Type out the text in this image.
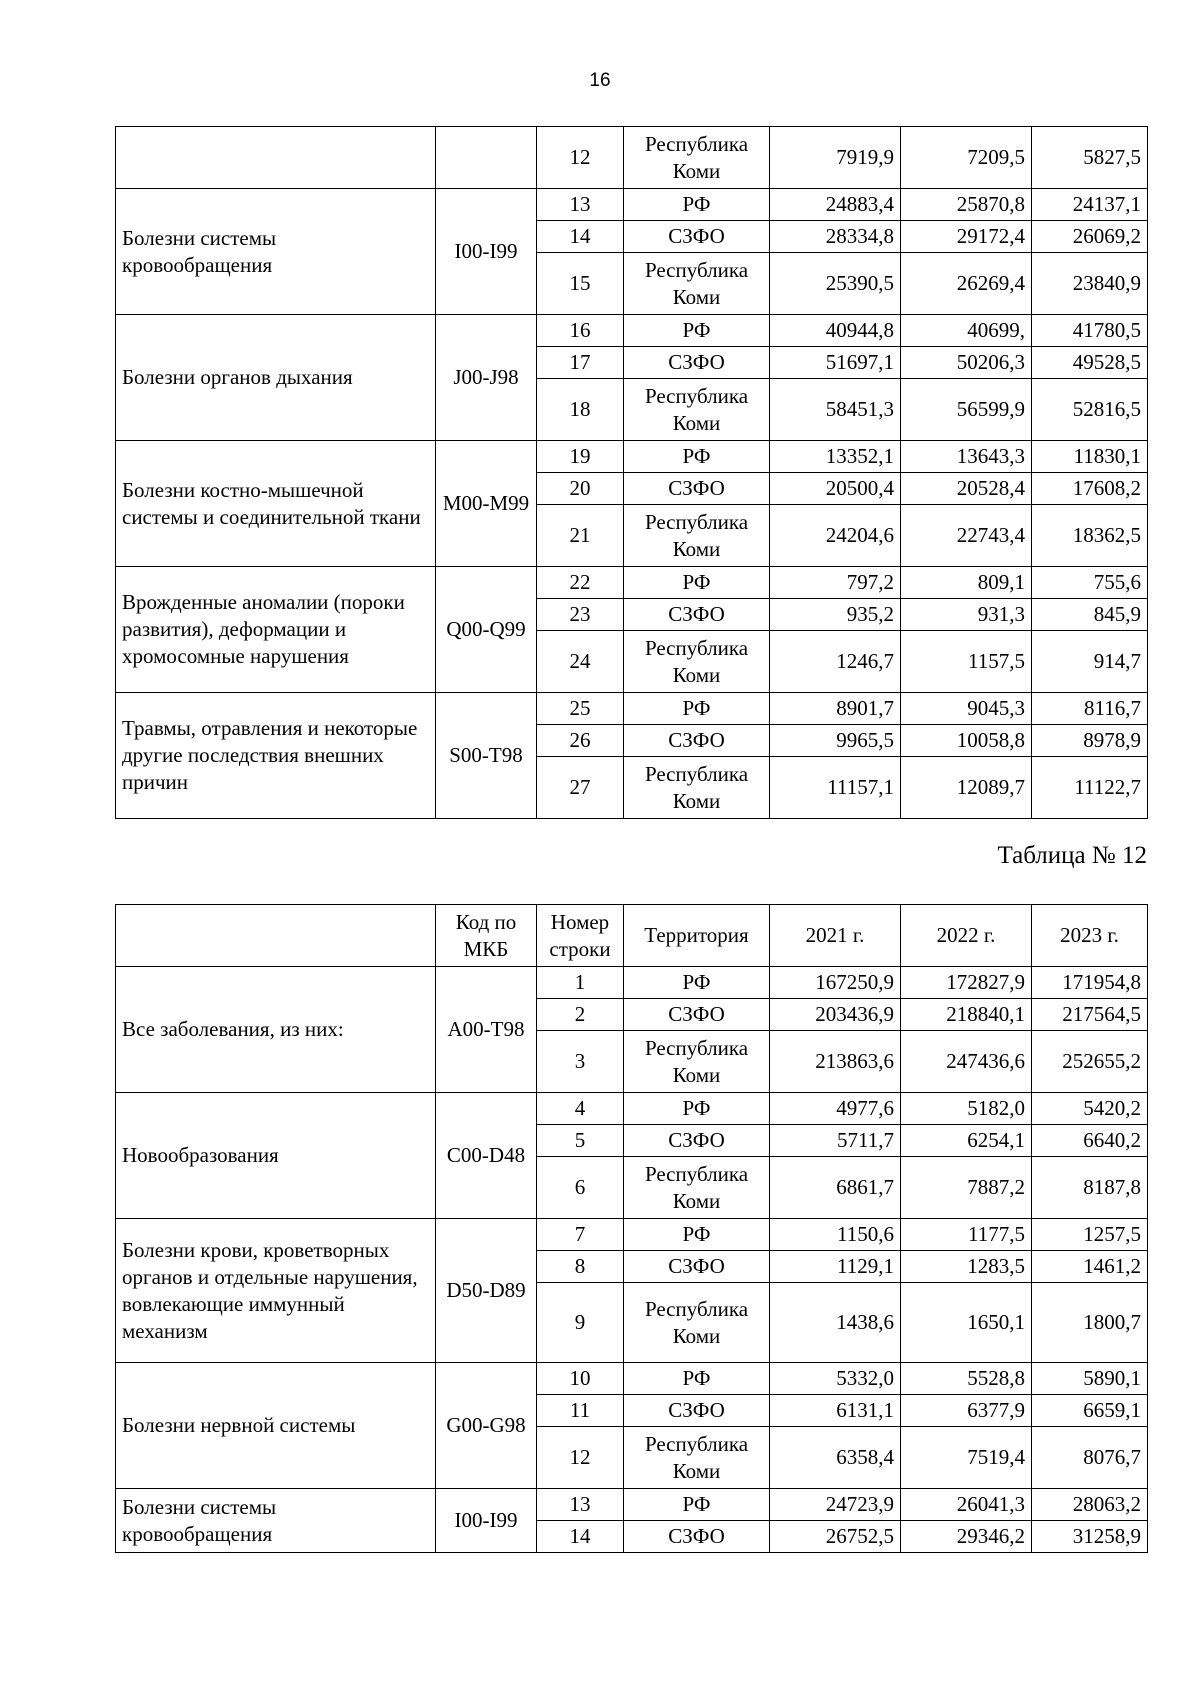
16
		12	Республика Коми	7919,9	7209,5	5827,5
Болезни системы кровообращения	I00-I99	13	РФ	24883,4	25870,8	24137,1
		14	СЗФО	28334,8	29172,4	26069,2
		15	Республика Коми	25390,5	26269,4	23840,9
Болезни органов дыхания	J00-J98	16	РФ	40944,8	40699,	41780,5
		17	СЗФО	51697,1	50206,3	49528,5
		18	Республика Коми	58451,3	56599,9	52816,5
Болезни костно-мышечной системы и соединительной ткани	M00-M99	19	РФ	13352,1	13643,3	11830,1
		20	СЗФО	20500,4	20528,4	17608,2
		21	Республика Коми	24204,6	22743,4	18362,5
Врожденные аномалии (пороки развития), деформации и хромосомные нарушения	Q00-Q99	22	РФ	797,2	809,1	755,6
		23	СЗФО	935,2	931,3	845,9
		24	Республика Коми	1246,7	1157,5	914,7
Травмы, отравления и некоторые другие последствия внешних причин	S00-T98	25	РФ	8901,7	9045,3	8116,7
		26	СЗФО	9965,5	10058,8	8978,9
		27	Республика Коми	11157,1	12089,7	11122,7
Таблица № 12
	Код по МКБ	Номер строки	Территория	2021 г.	2022 г.	2023 г.
Все заболевания, из них:	A00-T98	1	РФ	167250,9	172827,9	171954,8
		2	СЗФО	203436,9	218840,1	217564,5
		3	Республика Коми	213863,6	247436,6	252655,2
Новообразования	C00-D48	4	РФ	4977,6	5182,0	5420,2
		5	СЗФО	5711,7	6254,1	6640,2
		6	Республика Коми	6861,7	7887,2	8187,8
Болезни крови, кроветворных органов и отдельные нарушения, вовлекающие иммунный механизм	D50-D89	7	РФ	1150,6	1177,5	1257,5
		8	СЗФО	1129,1	1283,5	1461,2
		9	Республика Коми	1438,6	1650,1	1800,7
Болезни нервной системы	G00-G98	10	РФ	5332,0	5528,8	5890,1
		11	СЗФО	6131,1	6377,9	6659,1
		12	Республика Коми	6358,4	7519,4	8076,7
Болезни системы кровообращения	I00-I99	13	РФ	24723,9	26041,3	28063,2
		14	СЗФО	26752,5	29346,2	31258,9
